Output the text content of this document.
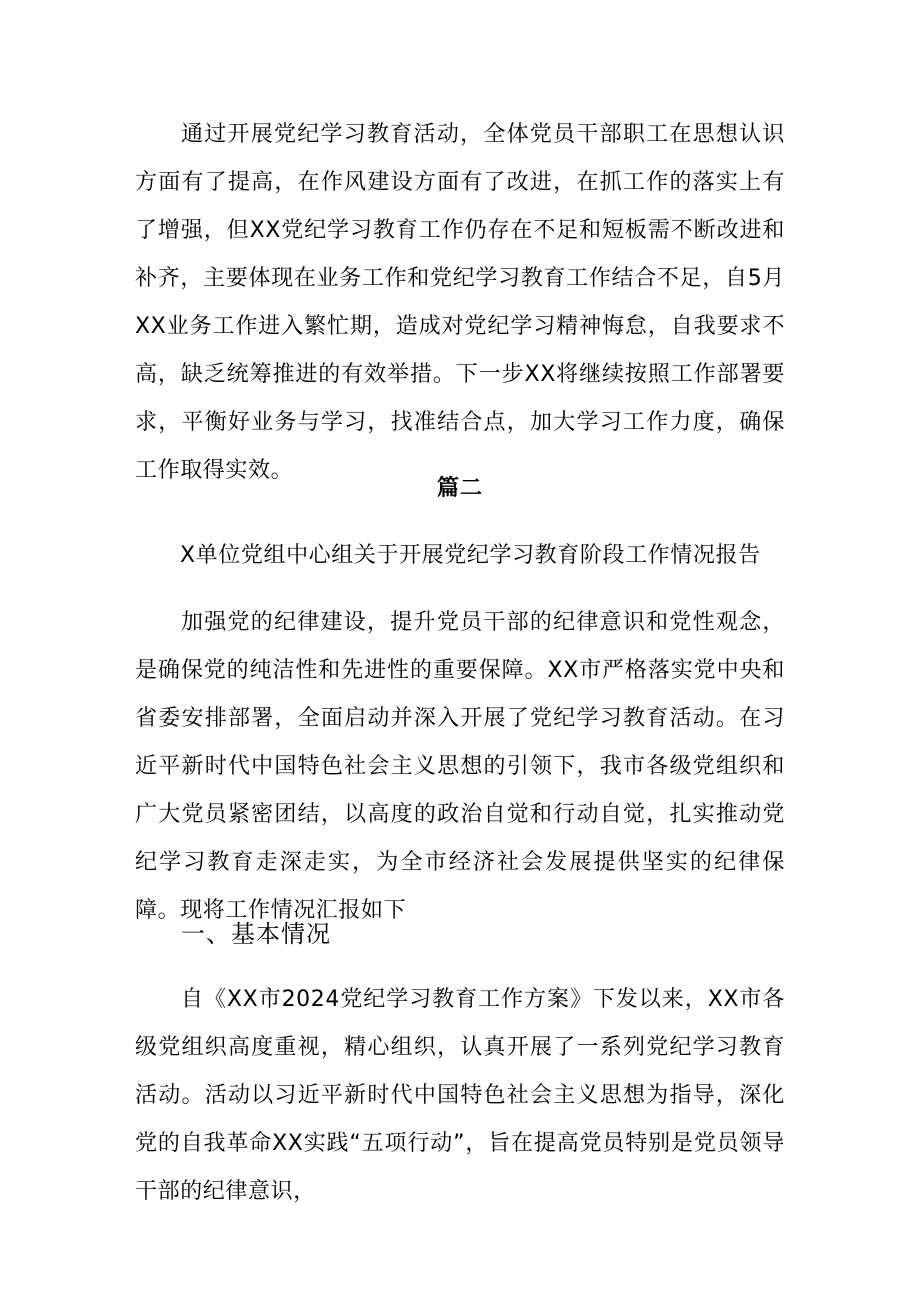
通过开展党纪学习教育活动，全体党员干部职工在思想认识方面有了提高，在作风建设方面有了改进，在抓工作的落实上有了增强，但XX党纪学习教育工作仍存在不足和短板需不断改进和补齐，主要体现在业务工作和党纪学习教育工作结合不足，自5月XX业务工作进入繁忙期，造成对党纪学习精神悔怠，自我要求不高，缺乏统筹推进的有效举措。下一步XX将继续按照工作部署要求，平衡好业务与学习，找准结合点，加大学习工作力度，确保工作取得实效。

篇二
X单位党组中心组关于开展党纪学习教育阶段工作情况报告

加强党的纪律建设，提升党员干部的纪律意识和党性观念，是确保党的纯洁性和先进性的重要保障。XX市严格落实党中央和省委安排部署，全面启动并深入开展了党纪学习教育活动。在习近平新时代中国特色社会主义思想的引领下，我市各级党组织和广大党员紧密团结，以高度的政治自觉和行动自觉，扎实推动党纪学习教育走深走实，为全市经济社会发展提供坚实的纪律保障。现将工作情况汇报如下

一、基本情况

自《XX市2024党纪学习教育工作方案》下发以来，XX市各级党组织高度重视，精心组织，认真开展了一系列党纪学习教育活动。活动以习近平新时代中国特色社会主义思想为指导，深化党的自我革命XX实践“五项行动”，旨在提高党员特别是党员领导干部的纪律意识，
